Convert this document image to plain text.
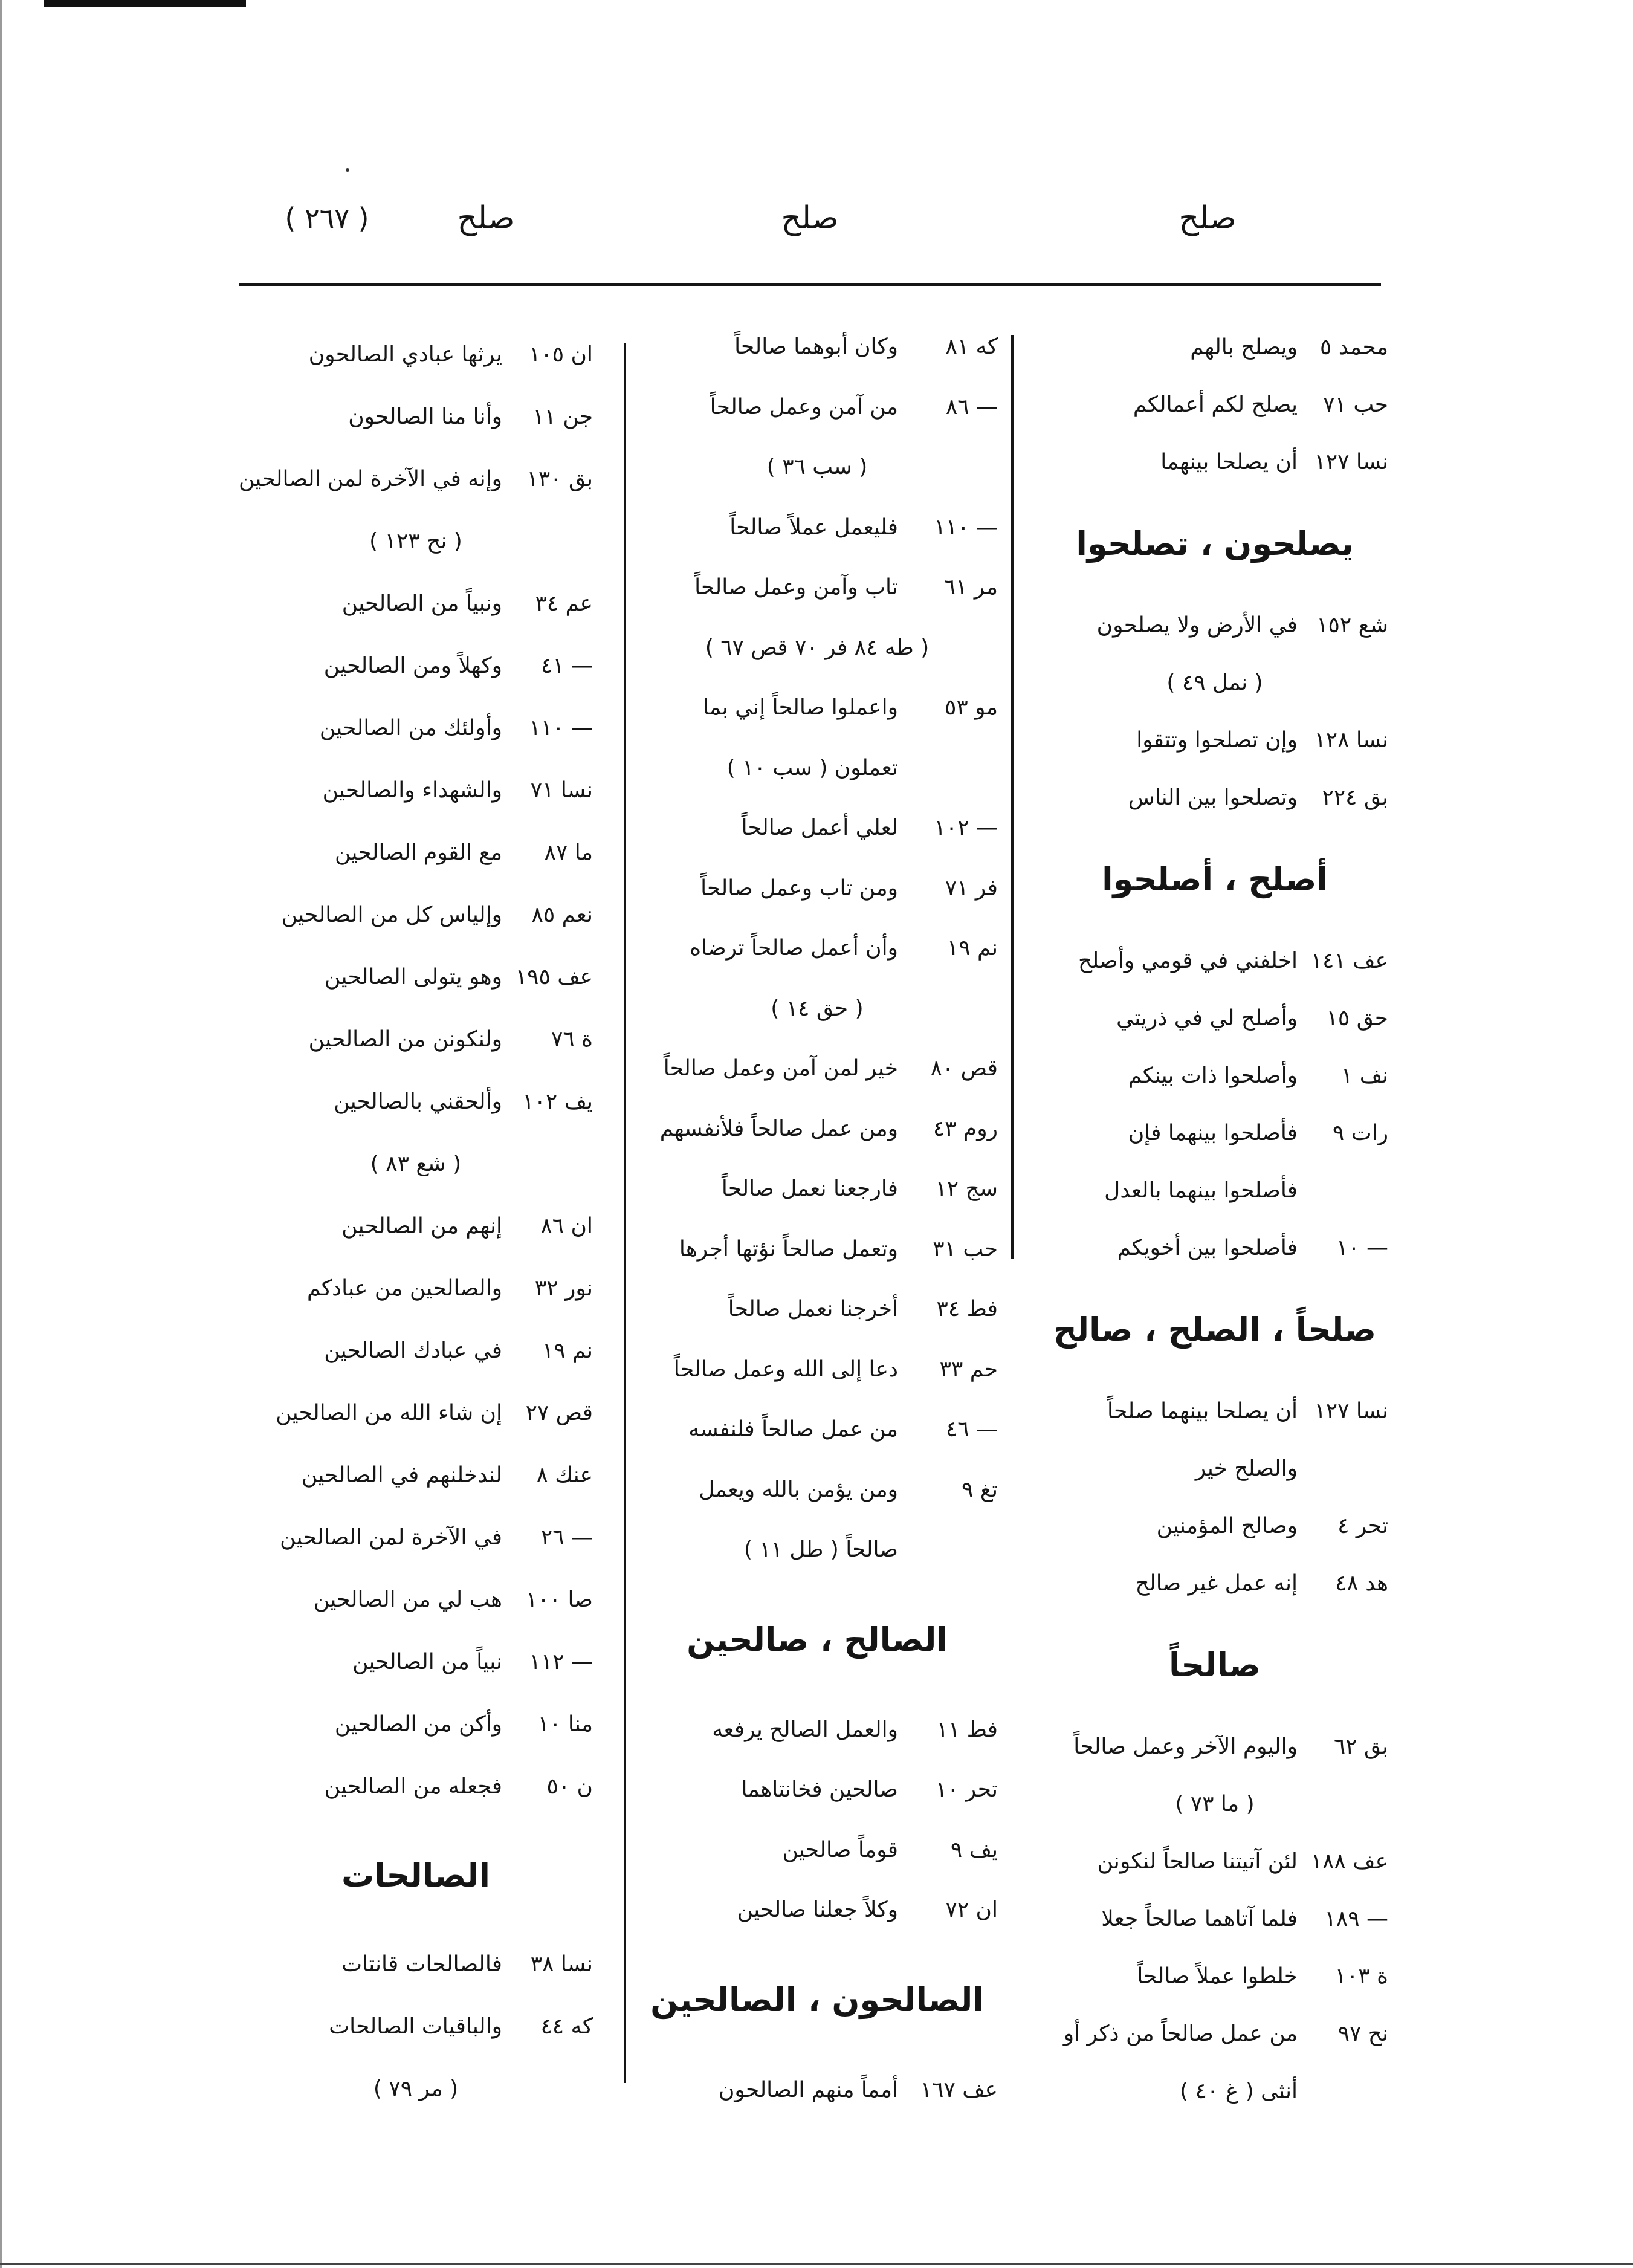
صلح
صلح
صلح
( ٢٦٧ )
محمد ٥
ويصلح بالهم
حب ٧١
يصلح لكم أعمالكم
نسا ١٢٧
أن يصلحا بينهما
يصلحون ، تصلحوا
شع ١٥٢
في الأرض ولا يصلحون
( نمل ٤٩ )
نسا ١٢٨
وإن تصلحوا وتتقوا
بق ٢٢٤
وتصلحوا بين الناس
أصلح ، أصلحوا
عف ١٤١
اخلفني في قومي وأصلح
حق ١٥
وأصلح لي في ذريتي
نف ١
وأصلحوا ذات بينكم
رات ٩
فأصلحوا بينهما فإن
فأصلحوا بينهما بالعدل
— ١٠
فأصلحوا بين أخويكم
صلحاً ، الصلح ، صالح
نسا ١٢٧
أن يصلحا بينهما صلحاً
والصلح خير
تحر ٤
وصالح المؤمنين
هد ٤٨
إنه عمل غير صالح
صالحاً
بق ٦٢
واليوم الآخر وعمل صالحاً
( ما ٧٣ )
عف ١٨٨
لئن آتيتنا صالحاً لنكونن
— ١٨٩
فلما آتاهما صالحاً جعلا
ة ١٠٣
خلطوا عملاً صالحاً
نح ٩٧
من عمل صالحاً من ذكر أو
أنثى ( غ ٤٠ )
كه ٨١
وكان أبوهما صالحاً
— ٨٦
من آمن وعمل صالحاً
( سب ٣٦ )
— ١١٠
فليعمل عملاً صالحاً
مر ٦١
تاب وآمن وعمل صالحاً
( طه ٨٤ فر ٧٠ قص ٦٧ )
مو ٥٣
واعملوا صالحاً إني بما
تعملون ( سب ١٠ )
— ١٠٢
لعلي أعمل صالحاً
فر ٧١
ومن تاب وعمل صالحاً
نم ١٩
وأن أعمل صالحاً ترضاه
( حق ١٤ )
قص ٨٠
خير لمن آمن وعمل صالحاً
روم ٤٣
ومن عمل صالحاً فلأنفسهم
سج ١٢
فارجعنا نعمل صالحاً
حب ٣١
وتعمل صالحاً نؤتها أجرها
فط ٣٤
أخرجنا نعمل صالحاً
حم ٣٣
دعا إلى الله وعمل صالحاً
— ٤٦
من عمل صالحاً فلنفسه
تغ ٩
ومن يؤمن بالله ويعمل
صالحاً ( طل ١١ )
الصالح ، صالحين
فط ١١
والعمل الصالح يرفعه
تحر ١٠
صالحين فخانتاهما
يف ٩
قوماً صالحين
ان ٧٢
وكلاً جعلنا صالحين
الصالحون ، الصالحين
عف ١٦٧
أمماً منهم الصالحون
ان ١٠٥
يرثها عبادي الصالحون
جن ١١
وأنا منا الصالحون
بق ١٣٠
وإنه في الآخرة لمن الصالحين
( نح ١٢٣ )
عم ٣٤
ونبياً من الصالحين
— ٤١
وكهلاً ومن الصالحين
— ١١٠
وأولئك من الصالحين
نسا ٧١
والشهداء والصالحين
ما ٨٧
مع القوم الصالحين
نعم ٨٥
وإلياس كل من الصالحين
عف ١٩٥
وهو يتولى الصالحين
ة ٧٦
ولنكونن من الصالحين
يف ١٠٢
وألحقني بالصالحين
( شع ٨٣ )
ان ٨٦
إنهم من الصالحين
نور ٣٢
والصالحين من عبادكم
نم ١٩
في عبادك الصالحين
قص ٢٧
إن شاء الله من الصالحين
عنك ٨
لندخلنهم في الصالحين
— ٢٦
في الآخرة لمن الصالحين
صا ١٠٠
هب لي من الصالحين
— ١١٢
نبياً من الصالحين
منا ١٠
وأكن من الصالحين
ن ٥٠
فجعله من الصالحين
الصالحات
نسا ٣٨
فالصالحات قانتات
كه ٤٤
والباقيات الصالحات
( مر ٧٩ )
